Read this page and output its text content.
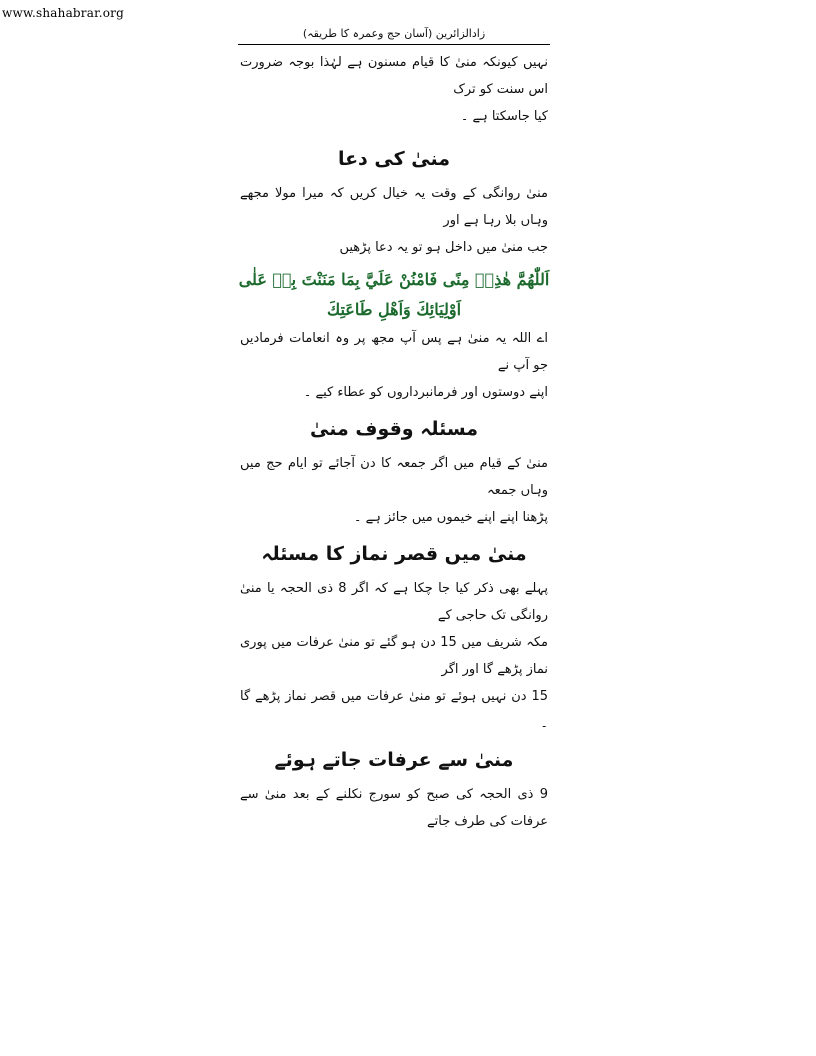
www.shahabrar.org
زادالزائرین (آسان حج وعمرہ کا طریقہ)

نہیں کیونکہ منیٰ کا قیام مسنون ہے لہٰذا بوجہ ضرورت اس سنت کو ترک
کیا جاسکتا ہے ۔

منیٰ کی دعا

منیٰ روانگی کے وقت یہ خیال کریں کہ میرا مولا مجھے وہاں بلا رہا ہے اور
جب منیٰ میں داخل ہو تو یہ دعا پڑھیں

اَللّٰهُمَّ هٰذِهٖ مِنًى فَامْنُنْ عَلَيَّ بِمَا مَنَنْتَ بِهٖ عَلٰى
اَوْلِيَائِكَ وَاَهْلِ طَاعَتِكَ

اے اللہ یہ منیٰ ہے پس آپ مجھ پر وہ انعامات فرمادیں جو آپ نے
اپنے دوستوں اور فرمانبرداروں کو عطاء کیے ۔

مسئلہ وقوف منیٰ

منیٰ کے قیام میں اگر جمعہ کا دن آجائے تو ایام حج میں وہاں جمعہ
پڑھنا اپنے اپنے خیموں میں جائز ہے ۔

منیٰ میں قصر نماز کا مسئلہ

پہلے بھی ذکر کیا جا چکا ہے کہ اگر 8 ذی الحجہ یا منیٰ روانگی تک حاجی کے
مکہ شریف میں 15 دن ہو گئے تو منیٰ عرفات میں پوری نماز پڑھے گا اور اگر
15 دن نہیں ہوئے تو منیٰ عرفات میں قصر نماز پڑھے گا ۔

منیٰ سے عرفات جاتے ہوئے

9 ذی الحجہ کی صبح کو سورج نکلنے کے بعد منیٰ سے عرفات کی طرف جاتے
